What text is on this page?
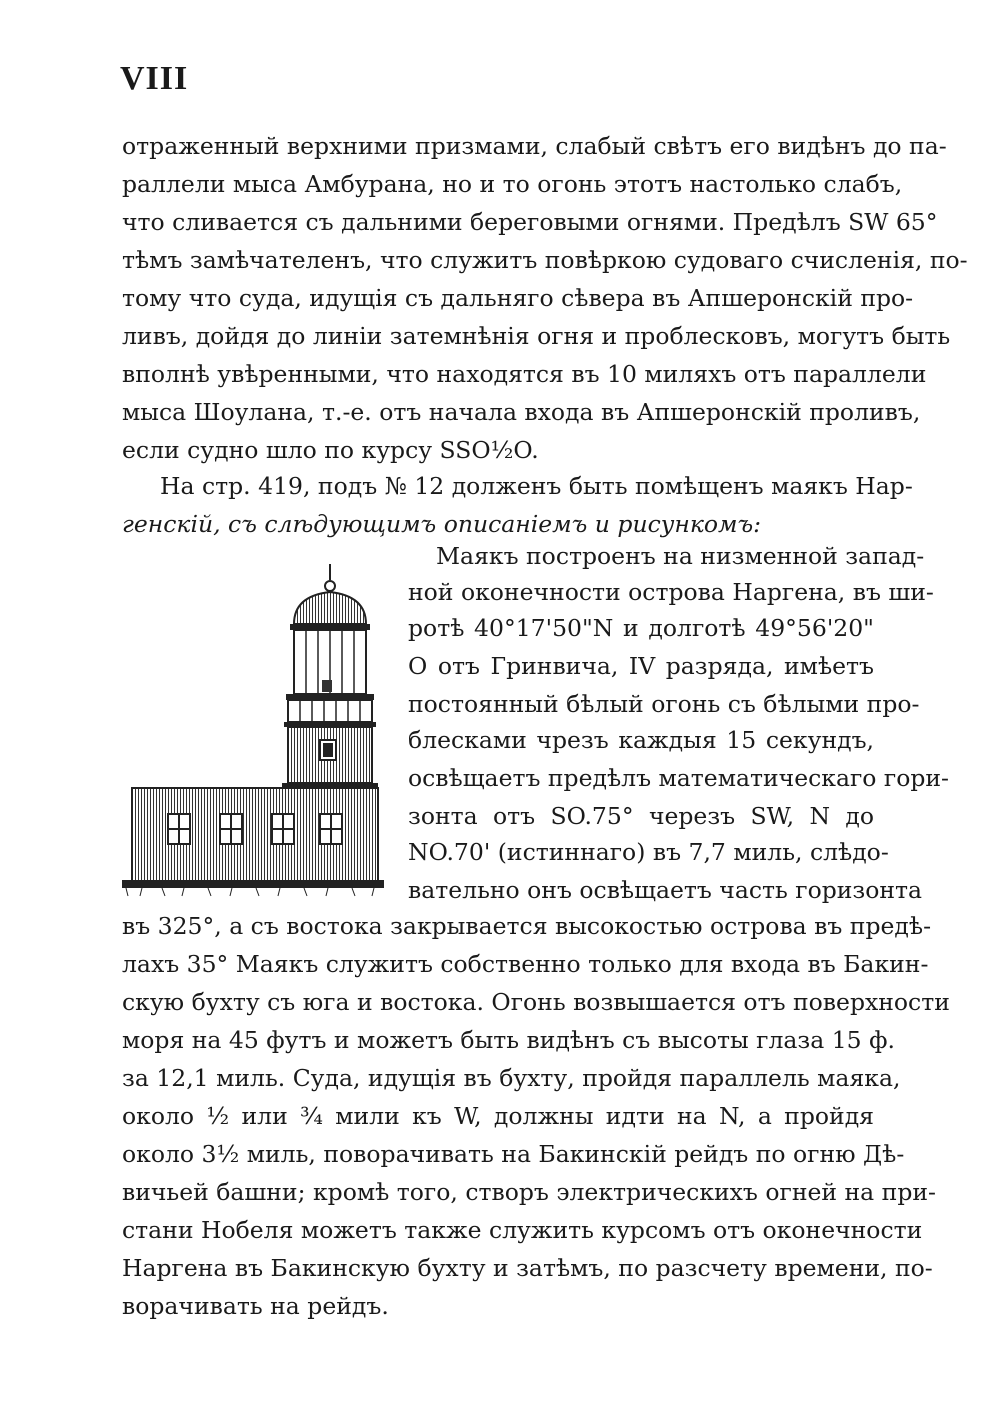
VIII
отраженный верхними призмами, слабый свѣтъ его видѣнъ до па-
раллели мыса Амбурана, но и то огонь этотъ настолько слабъ,
что сливается съ дальними береговыми огнями. Предѣлъ SW 65°
тѣмъ замѣчателенъ, что служитъ повѣркою судоваго счисленія, по-
тому что суда, идущія съ дальняго сѣвера въ Апшеронскій про-
ливъ, дойдя до линіи затемнѣнія огня и проблесковъ, могутъ быть
вполнѣ увѣренными, что находятся въ 10 миляхъ отъ параллели
мыса Шоулана, т.-е. отъ начала входа въ Апшеронскій проливъ,
если судно шло по курсу SSO½O.
На стр. 419, подъ № 12 долженъ быть помѣщенъ маякъ Нар-
генскій, съ слѣдующимъ описаніемъ и рисункомъ:
Маякъ построенъ на низменной запад-
ной оконечности острова Наргена, въ ши-
ротѣ 40°17'50"N и долготѣ 49°56'20"
O отъ Гринвича, IV разряда, имѣетъ
постоянный бѣлый огонь съ бѣлыми про-
блесками чрезъ каждыя 15 секундъ,
освѣщаетъ предѣлъ математическаго гори-
зонта отъ SO.75° черезъ SW, N до
NO.70' (истиннаго) въ 7,7 миль, слѣдо-
вательно онъ освѣщаетъ часть горизонта
въ 325°, а съ востока закрывается высокостью острова въ предѣ-
лахъ 35° Маякъ служитъ собственно только для входа въ Бакин-
скую бухту съ юга и востока. Огонь возвышается отъ поверхности
моря на 45 футъ и можетъ быть видѣнъ съ высоты глаза 15 ф.
за 12,1 миль. Суда, идущія въ бухту, пройдя параллель маяка,
около ½ или ¾ мили къ W, должны идти на N, а пройдя
около 3½ миль, поворачивать на Бакинскій рейдъ по огню Дѣ-
вичьей башни; кромѣ того, створъ электрическихъ огней на при-
стани Нобеля можетъ также служить курсомъ отъ оконечности
Наргена въ Бакинскую бухту и затѣмъ, по разсчету времени, по-
ворачивать на рейдъ.
